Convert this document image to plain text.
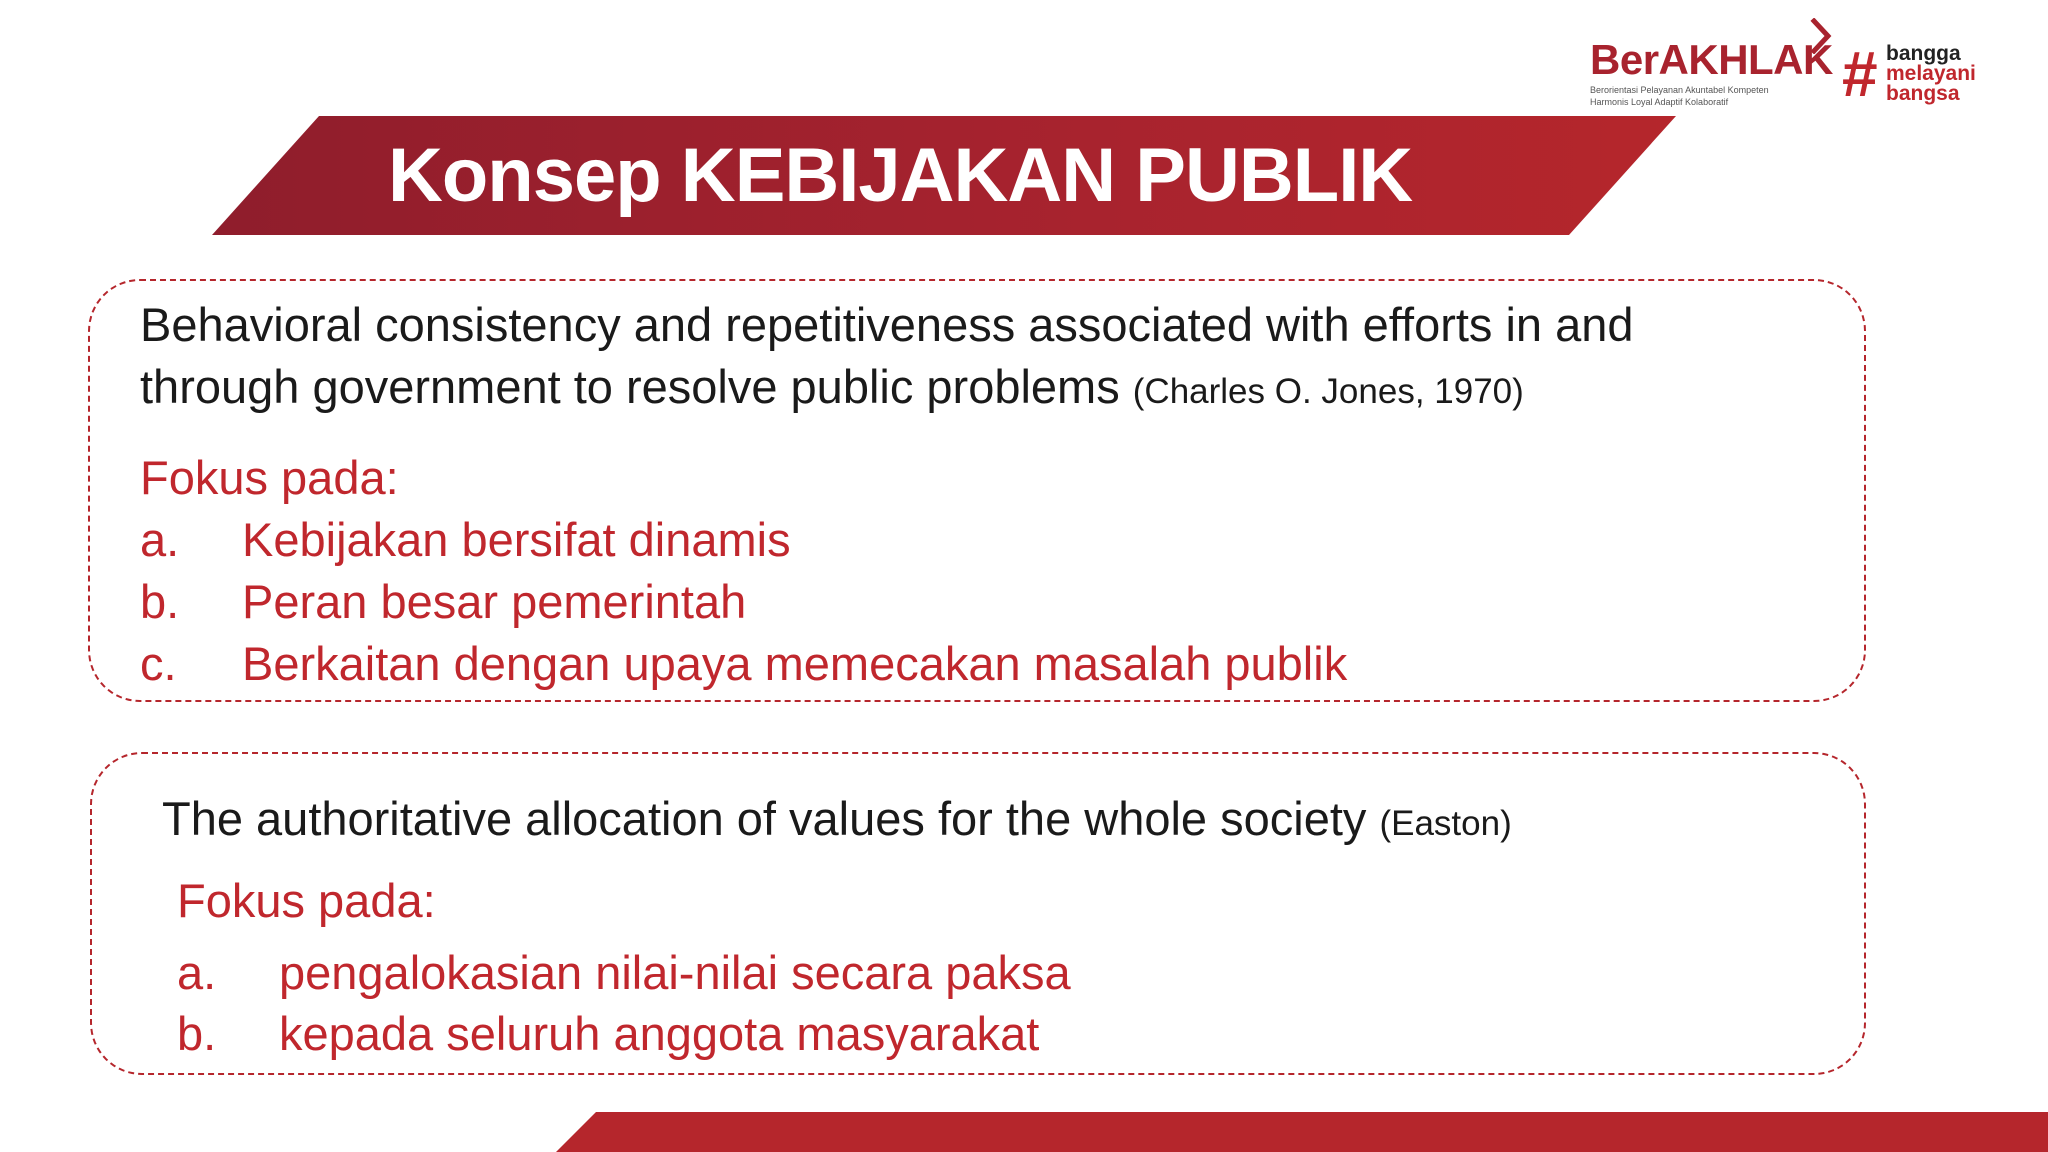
BerAKHLAK
Berorientasi Pelayanan Akuntabel Kompeten
Harmonis Loyal Adaptif Kolaboratif	# bangga
melayani
bangsa
Konsep KEBIJAKAN PUBLIK
Behavioral consistency and repetitiveness associated with efforts in and
through government to resolve public problems (Charles O. Jones, 1970)
Fokus pada:
a. Kebijakan bersifat dinamis
b. Peran besar pemerintah
c. Berkaitan dengan upaya memecakan masalah publik
The authoritative allocation of values for the whole society (Easton)
Fokus pada:
a. pengalokasian nilai-nilai secara paksa
b. kepada seluruh anggota masyarakat
